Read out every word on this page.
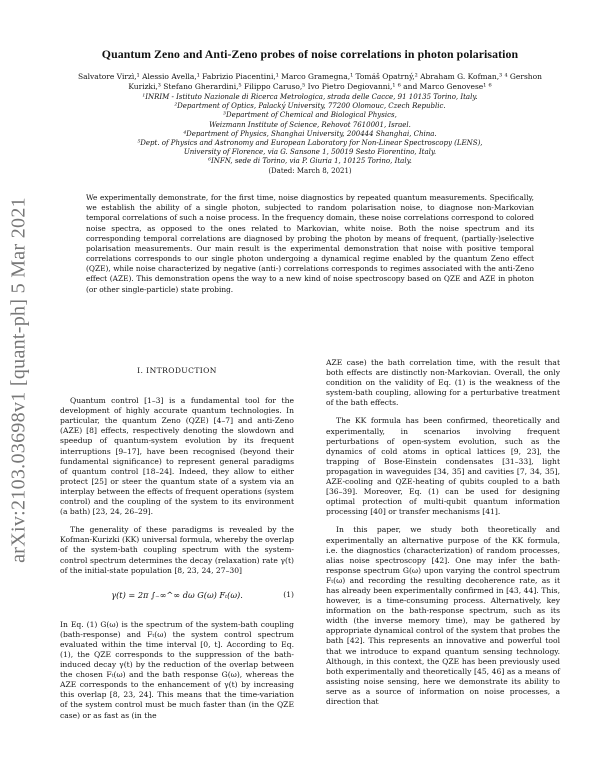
arXiv:2103.03698v1 [quant-ph] 5 Mar 2021
Quantum Zeno and Anti-Zeno probes of noise correlations in photon polarisation
Salvatore Virzì,¹ Alessio Avella,¹ Fabrizio Piacentini,¹ Marco Gramegna,¹ Tomáš Opatrný,² Abraham G. Kofman,³ ⁴ Gershon Kurizki,³ Stefano Gherardini,⁵ Filippo Caruso,⁵ Ivo Pietro Degiovanni,¹ ⁶ and Marco Genovese¹ ⁶
¹INRIM - Istituto Nazionale di Ricerca Metrologica, strada delle Cacce, 91 10135 Torino, Italy.
²Department of Optics, Palacký University, 77200 Olomouc, Czech Republic.
³Department of Chemical and Biological Physics,
Weizmann Institute of Science, Rehovot 7610001, Israel.
⁴Department of Physics, Shanghai University, 200444 Shanghai, China.
⁵Dept. of Physics and Astronomy and European Laboratory for Non-Linear Spectroscopy (LENS),
University of Florence, via G. Sansone 1, 50019 Sesto Fiorentino, Italy.
⁶INFN, sede di Torino, via P. Giuria 1, 10125 Torino, Italy.
(Dated: March 8, 2021)
We experimentally demonstrate, for the first time, noise diagnostics by repeated quantum measurements. Specifically, we establish the ability of a single photon, subjected to random polarisation noise, to diagnose non-Markovian temporal correlations of such a noise process. In the frequency domain, these noise correlations correspond to colored noise spectra, as opposed to the ones related to Markovian, white noise. Both the noise spectrum and its corresponding temporal correlations are diagnosed by probing the photon by means of frequent, (partially-)selective polarisation measurements. Our main result is the experimental demonstration that noise with positive temporal correlations corresponds to our single photon undergoing a dynamical regime enabled by the quantum Zeno effect (QZE), while noise characterized by negative (anti-) correlations corresponds to regimes associated with the anti-Zeno effect (AZE). This demonstration opens the way to a new kind of noise spectroscopy based on QZE and AZE in photon (or other single-particle) state probing.
I. INTRODUCTION

Quantum control [1–3] is a fundamental tool for the development of highly accurate quantum technologies. In particular, the quantum Zeno (QZE) [4–7] and anti-Zeno (AZE) [8] effects, respectively denoting the slowdown and speedup of quantum-system evolution by its frequent interruptions [9–17], have been recognised (beyond their fundamental significance) to represent general paradigms of quantum control [18–24]. Indeed, they allow to either protect [25] or steer the quantum state of a system via an interplay between the effects of frequent operations (system control) and the coupling of the system to its environment (a bath) [23, 24, 26–29].

The generality of these paradigms is revealed by the Kofman-Kurizki (KK) universal formula, whereby the overlap of the system-bath coupling spectrum with the system-control spectrum determines the decay (relaxation) rate γ(t) of the initial-state population [8, 23, 24, 27–30]

γ(t) = 2π ∫₋∞^∞ dω G(ω) Fₜ(ω).	(1)

In Eq. (1) G(ω) is the spectrum of the system-bath coupling (bath-response) and Fₜ(ω) the system control spectrum evaluated within the time interval [0, t]. According to Eq. (1), the QZE corresponds to the suppression of the bath-induced decay γ(t) by the reduction of the overlap between the chosen Fₜ(ω) and the bath response G(ω), whereas the AZE corresponds to the enhancement of γ(t) by increasing this overlap [8, 23, 24]. This means that the time-variation of the system control must be much faster than (in the QZE case) or as fast as (in the

AZE case) the bath correlation time, with the result that both effects are distinctly non-Markovian. Overall, the only condition on the validity of Eq. (1) is the weakness of the system-bath coupling, allowing for a perturbative treatment of the bath effects.

The KK formula has been confirmed, theoretically and experimentally, in scenarios involving frequent perturbations of open-system evolution, such as the dynamics of cold atoms in optical lattices [9, 23], the trapping of Bose-Einstein condensates [31–33], light propagation in waveguides [34, 35] and cavities [7, 34, 35], AZE-cooling and QZE-heating of qubits coupled to a bath [36–39]. Moreover, Eq. (1) can be used for designing optimal protection of multi-qubit quantum information processing [40] or transfer mechanisms [41].

In this paper, we study both theoretically and experimentally an alternative purpose of the KK formula, i.e. the diagnostics (characterization) of random processes, alias noise spectroscopy [42]. One may infer the bath-response spectrum G(ω) upon varying the control spectrum Fₜ(ω) and recording the resulting decoherence rate, as it has already been experimentally confirmed in [43, 44]. This, however, is a time-consuming process. Alternatively, key information on the bath-response spectrum, such as its width (the inverse memory time), may be gathered by appropriate dynamical control of the system that probes the bath [42]. This represents an innovative and powerful tool that we introduce to expand quantum sensing technology. Although, in this context, the QZE has been previously used both experimentally and theoretically [45, 46] as a means of assisting noise sensing, here we demonstrate its ability to serve as a source of information on noise processes, a direction that
